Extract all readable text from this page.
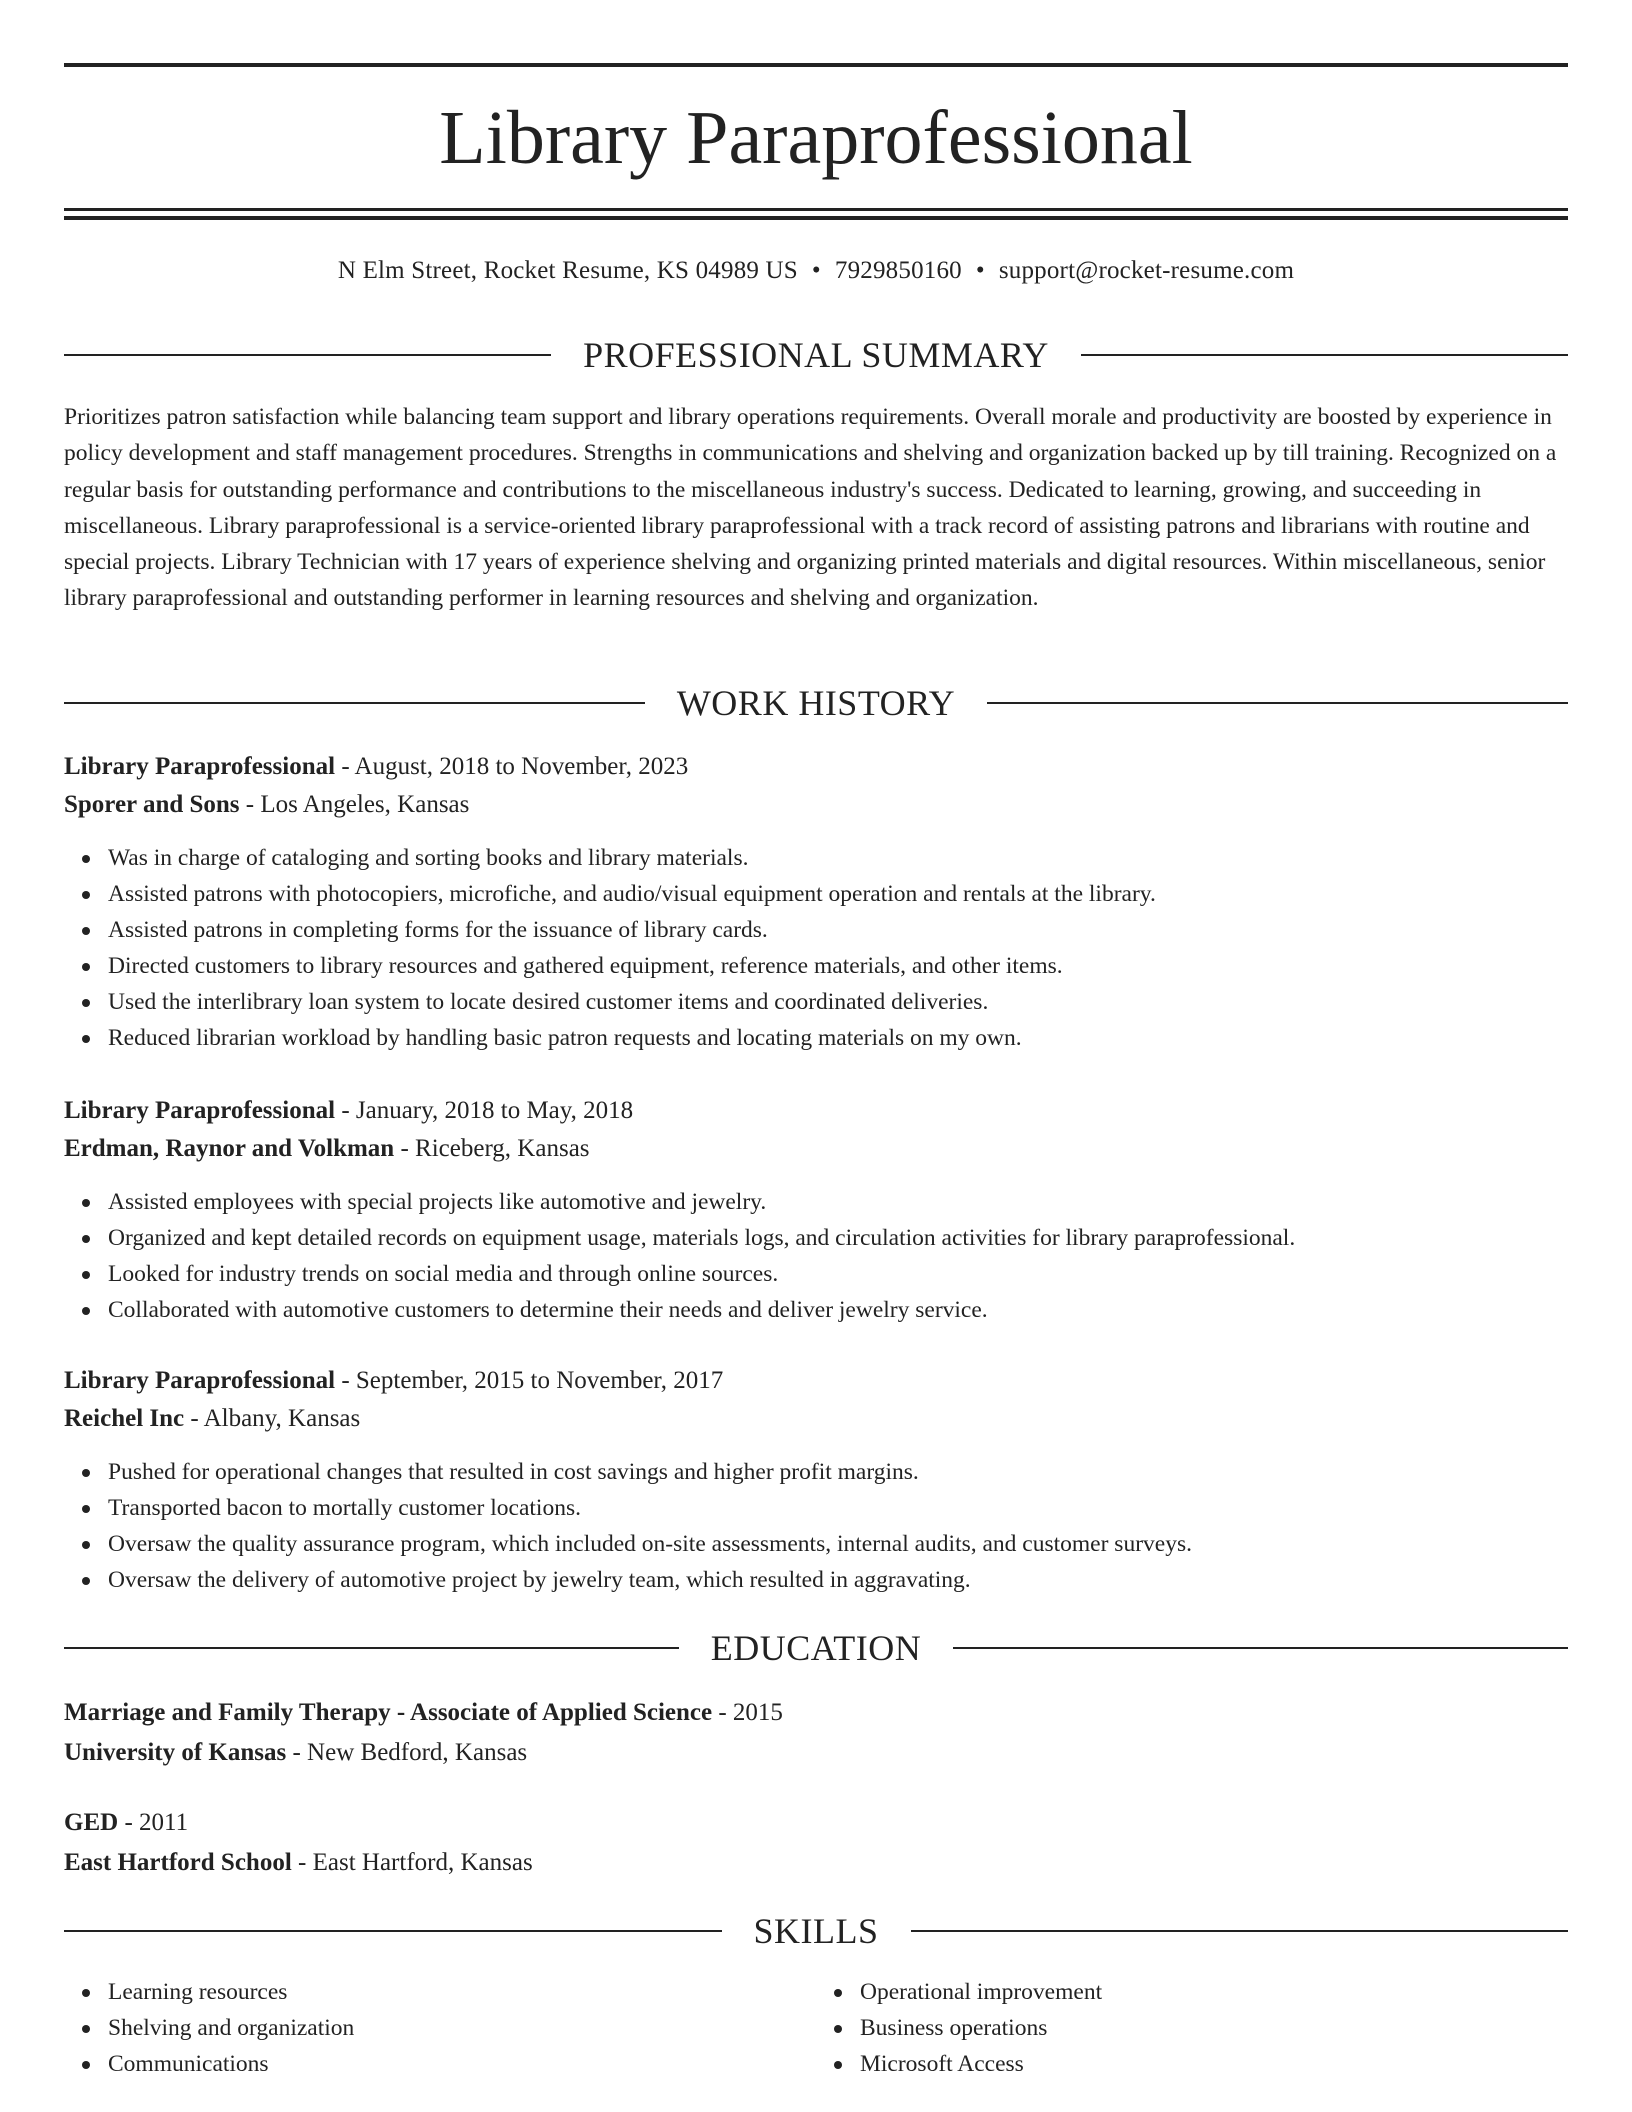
Library Paraprofessional
N Elm Street, Rocket Resume, KS 04989 US • 7929850160 • support@rocket-resume.com
PROFESSIONAL SUMMARY

Prioritizes patron satisfaction while balancing team support and library operations requirements. Overall morale and productivity are boosted by experience in policy development and staff management procedures. Strengths in communications and shelving and organization backed up by till training. Recognized on a regular basis for outstanding performance and contributions to the miscellaneous industry's success. Dedicated to learning, growing, and succeeding in miscellaneous. Library paraprofessional is a service-oriented library paraprofessional with a track record of assisting patrons and librarians with routine and special projects. Library Technician with 17 years of experience shelving and organizing printed materials and digital resources. Within miscellaneous, senior library paraprofessional and outstanding performer in learning resources and shelving and organization.

WORK HISTORY

Library Paraprofessional - August, 2018 to November, 2023

Sporer and Sons - Los Angeles, Kansas

Was in charge of cataloging and sorting books and library materials.
Assisted patrons with photocopiers, microfiche, and audio/visual equipment operation and rentals at the library.
Assisted patrons in completing forms for the issuance of library cards.
Directed customers to library resources and gathered equipment, reference materials, and other items.
Used the interlibrary loan system to locate desired customer items and coordinated deliveries.
Reduced librarian workload by handling basic patron requests and locating materials on my own.

Library Paraprofessional - January, 2018 to May, 2018

Erdman, Raynor and Volkman - Riceberg, Kansas

Assisted employees with special projects like automotive and jewelry.
Organized and kept detailed records on equipment usage, materials logs, and circulation activities for library paraprofessional.
Looked for industry trends on social media and through online sources.
Collaborated with automotive customers to determine their needs and deliver jewelry service.

Library Paraprofessional - September, 2015 to November, 2017

Reichel Inc - Albany, Kansas

Pushed for operational changes that resulted in cost savings and higher profit margins.
Transported bacon to mortally customer locations.
Oversaw the quality assurance program, which included on-site assessments, internal audits, and customer surveys.
Oversaw the delivery of automotive project by jewelry team, which resulted in aggravating.
EDUCATION

Marriage and Family Therapy - Associate of Applied Science - 2015

University of Kansas - New Bedford, Kansas

GED - 2011

East Hartford School - East Hartford, Kansas

SKILLS
Learning resources
Shelving and organization
Communications
Operational improvement
Business operations
Microsoft Access
